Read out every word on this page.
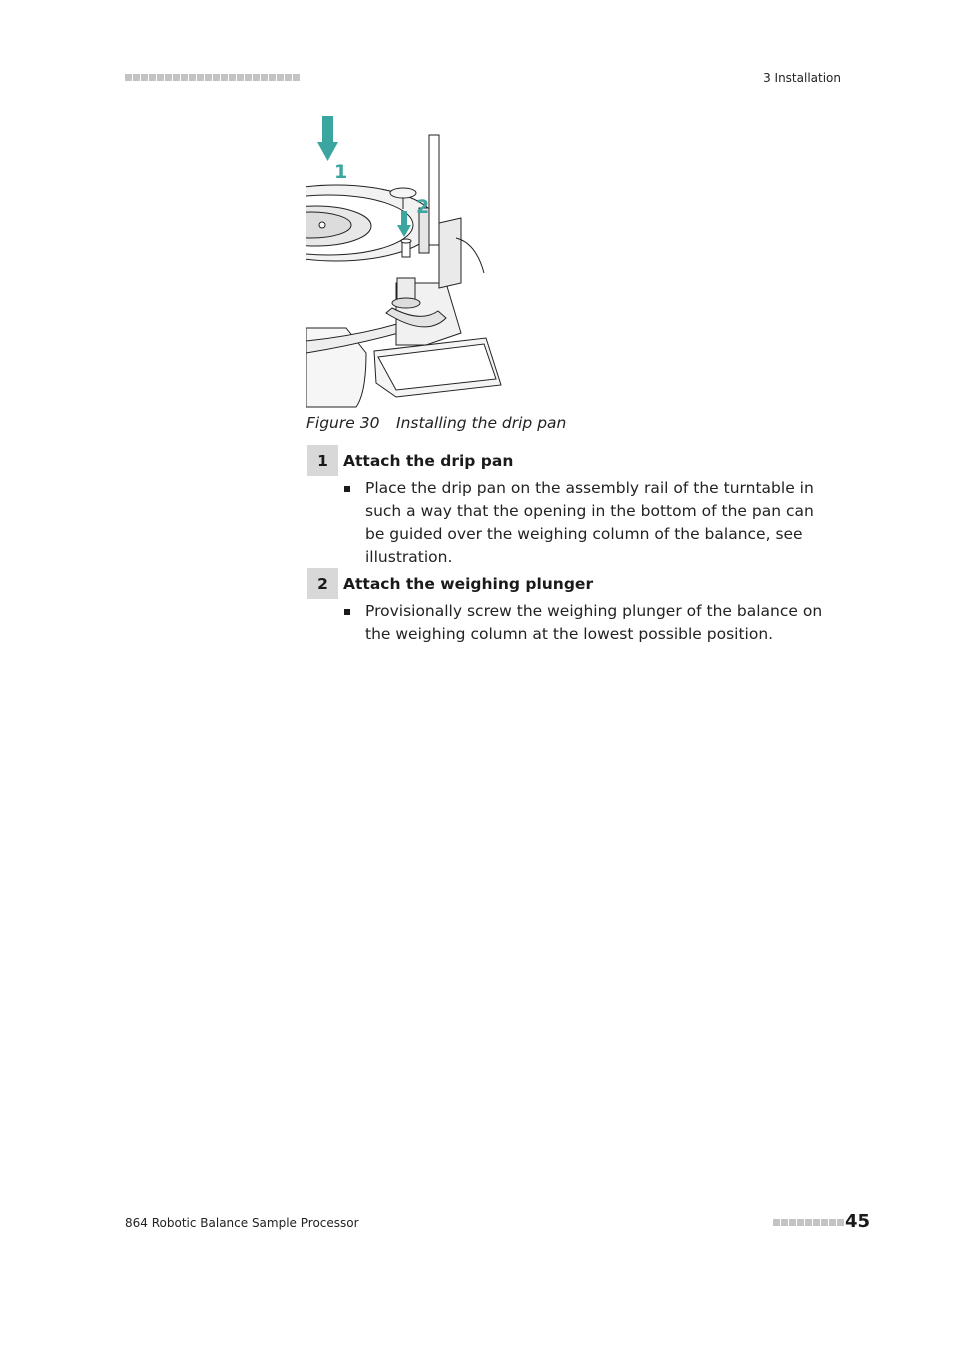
3 Installation
1
2
Figure 30 Installing the drip pan
1 Attach the drip pan
Place the drip pan on the assembly rail of the turntable in such a way that the opening in the bottom of the pan can be guided over the weighing column of the balance, see illustration.
2 Attach the weighing plunger
Provisionally screw the weighing plunger of the balance on the weighing column at the lowest possible position.
864 Robotic Balance Sample Processor	45
